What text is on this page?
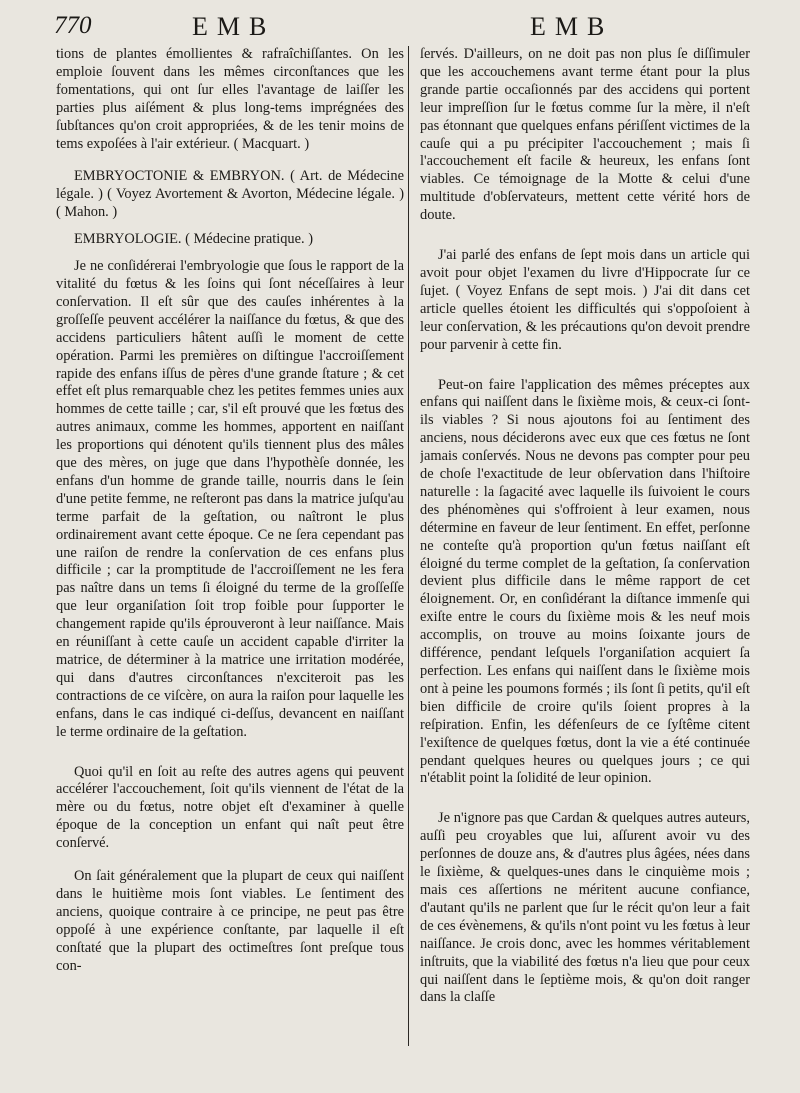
770	EMB	EMB

tions de plantes émollientes & rafraîchiſſantes. On les emploie ſouvent dans les mêmes circonſtances que les fomentations, qui ont ſur elles l'avantage de laiſſer les parties plus aiſément & plus long-tems imprégnées des ſubſtances qu'on croit appropriées, & de les tenir moins de tems expoſées à l'air extérieur. ( Macquart. )

EMBRYOCTONIE & EMBRYON. ( Art. de Médecine légale. ) ( Voyez Avortement & Avorton, Médecine légale. ) ( Mahon. )

EMBRYOLOGIE. ( Médecine pratique. )

Je ne conſidérerai l'embryologie que ſous le rapport de la vitalité du fœtus & les ſoins qui ſont néceſſaires à leur conſervation. Il eſt sûr que des cauſes inhérentes à la groſſeſſe peuvent accélérer la naiſſance du fœtus, & que des accidens particuliers hâtent auſſi le moment de cette opération. Parmi les premières on diſtingue l'accroiſſement rapide des enfans iſſus de pères d'une grande ſtature ; & cet effet eſt plus remarquable chez les petites femmes unies aux hommes de cette taille ; car, s'il eſt prouvé que les fœtus des autres animaux, comme les hommes, apportent en naiſſant les proportions qui dénotent qu'ils tiennent plus des mâles que des mères, on juge que dans l'hypothèſe donnée, les enfans d'un homme de grande taille, nourris dans le ſein d'une petite femme, ne reſteront pas dans la matrice juſqu'au terme parfait de la geſtation, ou naîtront le plus ordinairement avant cette époque. Ce ne ſera cependant pas une raiſon de rendre la conſervation de ces enfans plus difficile ; car la promptitude de l'accroiſſement ne les fera pas naître dans un tems ſi éloigné du terme de la groſſeſſe que leur organiſation ſoit trop foible pour ſupporter le changement rapide qu'ils éprouveront à leur naiſſance. Mais en réuniſſant à cette cauſe un accident capable d'irriter la matrice, de déterminer à la matrice une irritation modérée, qui dans d'autres circonſtances n'exciteroit pas les contractions de ce viſcère, on aura la raiſon pour laquelle les enfans, dans le cas indiqué ci-deſſus, devancent en naiſſant le terme ordinaire de la geſtation.

Quoi qu'il en ſoit au reſte des autres agens qui peuvent accélérer l'accouchement, ſoit qu'ils viennent de l'état de la mère ou du fœtus, notre objet eſt d'examiner à quelle époque de la conception un enfant qui naît peut être conſervé.

On ſait généralement que la plupart de ceux qui naiſſent dans le huitième mois ſont viables. Le ſentiment des anciens, quoique contraire à ce principe, ne peut pas être oppoſé à une expérience conſtante, par laquelle il eſt conſtaté que la plupart des octimeſtres ſont preſque tous con-

ſervés. D'ailleurs, on ne doit pas non plus ſe diſſimuler que les accouchemens avant terme étant pour la plus grande partie occaſionnés par des accidens qui portent leur impreſſion ſur le fœtus comme ſur la mère, il n'eſt pas étonnant que quelques enfans périſſent victimes de la cauſe qui a pu précipiter l'accouchement ; mais ſi l'accouchement eſt facile & heureux, les enfans ſont viables. Ce témoignage de la Motte & celui d'une multitude d'obſervateurs, mettent cette vérité hors de doute.

J'ai parlé des enfans de ſept mois dans un article qui avoit pour objet l'examen du livre d'Hippocrate ſur ce ſujet. ( Voyez Enfans de sept mois. ) J'ai dit dans cet article quelles étoient les difficultés qui s'oppoſoient à leur conſervation, & les précautions qu'on devoit prendre pour parvenir à cette fin.

Peut-on faire l'application des mêmes préceptes aux enfans qui naiſſent dans le ſixième mois, & ceux-ci ſont-ils viables ? Si nous ajoutons foi au ſentiment des anciens, nous déciderons avec eux que ces fœtus ne ſont jamais conſervés. Nous ne devons pas compter pour peu de choſe l'exactitude de leur obſervation dans l'hiſtoire naturelle : la ſagacité avec laquelle ils ſuivoient le cours des phénomènes qui s'offroient à leur examen, nous détermine en faveur de leur ſentiment. En effet, perſonne ne conteſte qu'à proportion qu'un fœtus naiſſant eſt éloigné du terme complet de la geſtation, ſa conſervation devient plus difficile dans le même rapport de cet éloignement. Or, en conſidérant la diſtance immenſe qui exiſte entre le cours du ſixième mois & les neuf mois accomplis, on trouve au moins ſoixante jours de différence, pendant leſquels l'organiſation acquiert ſa perfection. Les enfans qui naiſſent dans le ſixième mois ont à peine les poumons formés ; ils ſont ſi petits, qu'il eſt bien difficile de croire qu'ils ſoient propres à la reſpiration. Enfin, les défenſeurs de ce ſyſtême citent l'exiſtence de quelques fœtus, dont la vie a été continuée pendant quelques heures ou quelques jours ; ce qui n'établit point la ſolidité de leur opinion.

Je n'ignore pas que Cardan & quelques autres auteurs, auſſi peu croyables que lui, aſſurent avoir vu des perſonnes de douze ans, & d'autres plus âgées, nées dans le ſixième, & quelques-unes dans le cinquième mois ; mais ces aſſertions ne méritent aucune confiance, d'autant qu'ils ne parlent que ſur le récit qu'on leur a fait de ces évènemens, & qu'ils n'ont point vu les fœtus à leur naiſſance. Je crois donc, avec les hommes véritablement inſtruits, que la viabilité des fœtus n'a lieu que pour ceux qui naiſſent dans le ſeptième mois, & qu'on doit ranger dans la claſſe
